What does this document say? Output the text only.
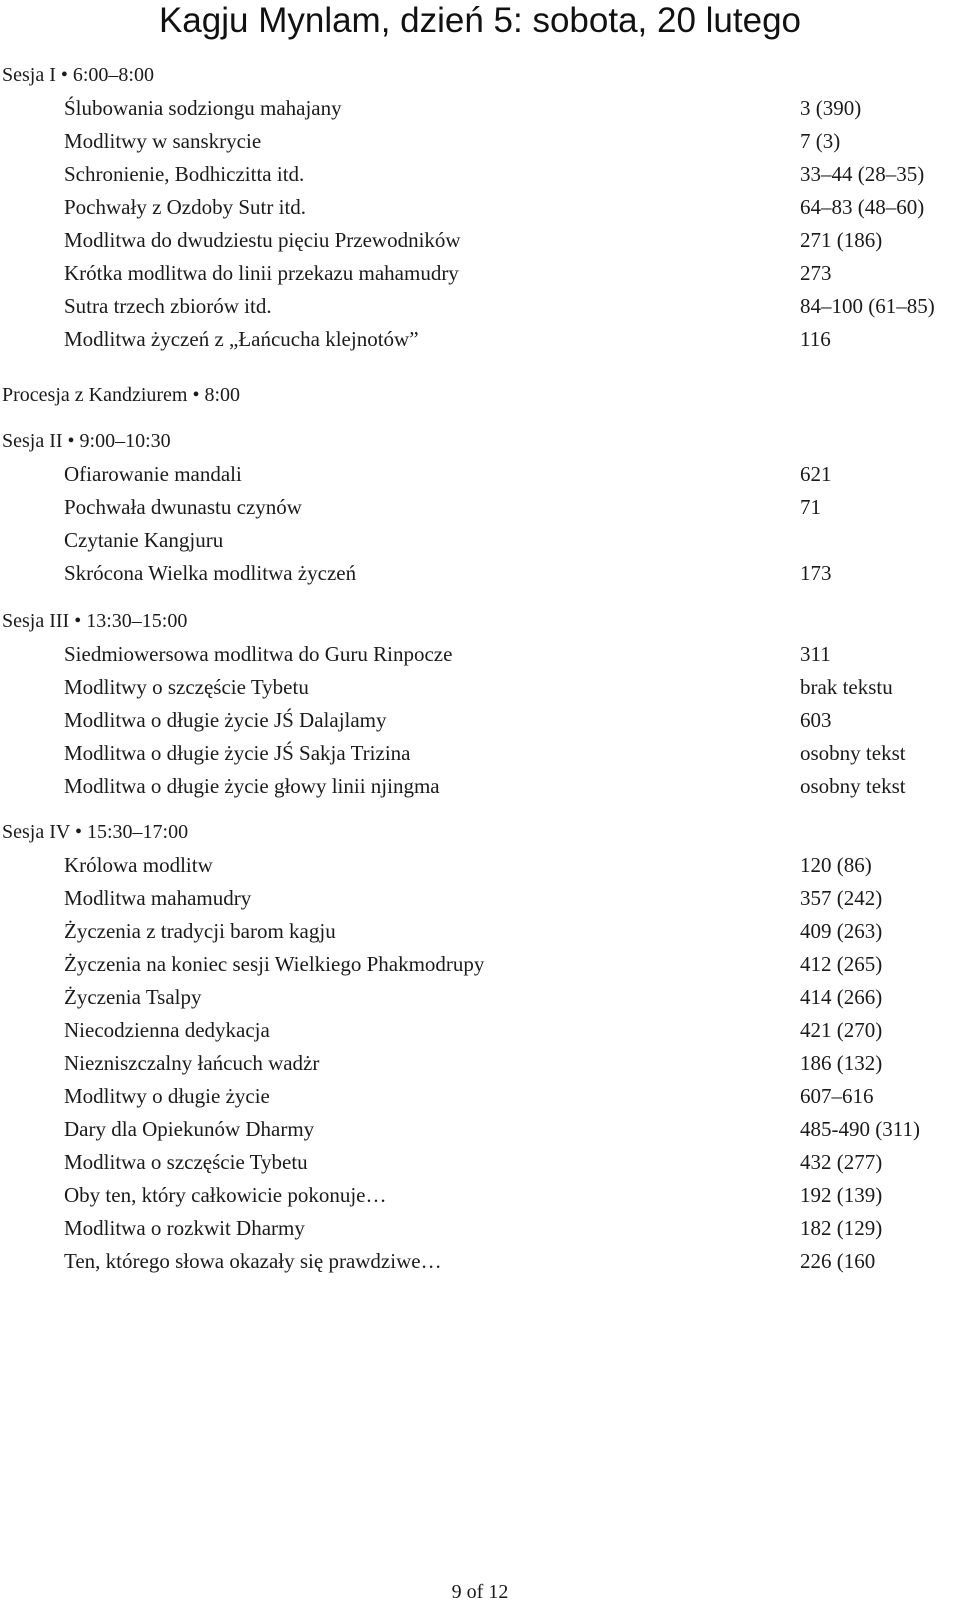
Kagju Mynlam, dzień 5: sobota, 20 lutego
Sesja I • 6:00–8:00
Ślubowania sodziongu mahajany	3 (390)
Modlitwy w sanskrycie	7 (3)
Schronienie, Bodhiczitta itd.	33–44 (28–35)
Pochwały z Ozdoby Sutr itd.	64–83 (48–60)
Modlitwa do dwudziestu pięciu Przewodników	271 (186)
Krótka modlitwa do linii przekazu mahamudry	273
Sutra trzech zbiorów itd.	84–100 (61–85)
Modlitwa życzeń z „Łańcucha klejnotów”	116
Procesja z Kandziurem • 8:00
Sesja II • 9:00–10:30
Ofiarowanie mandali	621
Pochwała dwunastu czynów	71
Czytanie Kangjuru
Skrócona Wielka modlitwa życzeń	173
Sesja III • 13:30–15:00
Siedmiowersowa modlitwa do Guru Rinpocze	311
Modlitwy o szczęście Tybetu	brak tekstu
Modlitwa o długie życie JŚ Dalajlamy	603
Modlitwa o długie życie JŚ Sakja Trizina	osobny tekst
Modlitwa o długie życie głowy linii njingma	osobny tekst
Sesja IV • 15:30–17:00
Królowa modlitw	120 (86)
Modlitwa mahamudry	357 (242)
Życzenia z tradycji barom kagju	409 (263)
Życzenia na koniec sesji Wielkiego Phakmodrupy	412 (265)
Życzenia Tsalpy	414 (266)
Niecodzienna dedykacja	421 (270)
Niezniszczalny łańcuch wadżr	186 (132)
Modlitwy o długie życie	607–616
Dary dla Opiekunów Dharmy	485-490 (311)
Modlitwa o szczęście Tybetu	432 (277)
Oby ten, który całkowicie pokonuje…	192 (139)
Modlitwa o rozkwit Dharmy	182 (129)
Ten, którego słowa okazały się prawdziwe…	226 (160
9 of 12
